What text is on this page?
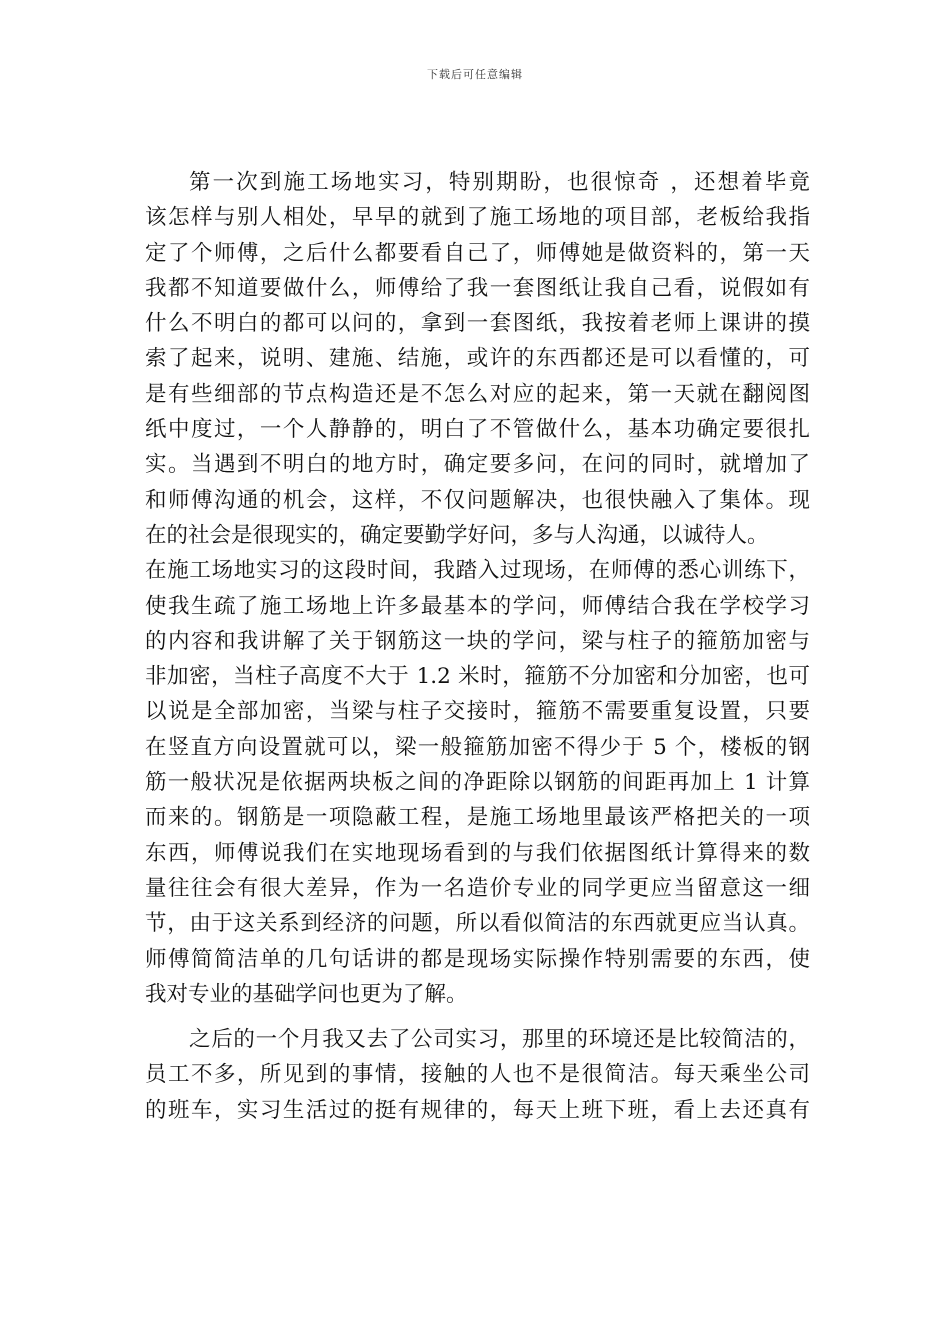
下载后可任意编辑
第一次到施工场地实习，特别期盼，也很惊奇 ，还想着毕竟
该怎样与别人相处，早早的就到了施工场地的项目部，老板给我指
定了个师傅，之后什么都要看自己了，师傅她是做资料的，第一天
我都不知道要做什么，师傅给了我一套图纸让我自己看，说假如有
什么不明白的都可以问的，拿到一套图纸，我按着老师上课讲的摸
索了起来，说明、建施、结施，或许的东西都还是可以看懂的，可
是有些细部的节点构造还是不怎么对应的起来，第一天就在翻阅图
纸中度过，一个人静静的，明白了不管做什么，基本功确定要很扎
实。当遇到不明白的地方时，确定要多问，在问的同时，就增加了
和师傅沟通的机会，这样，不仅问题解决，也很快融入了集体。现
在的社会是很现实的，确定要勤学好问，多与人沟通，以诚待人。
在施工场地实习的这段时间，我踏入过现场，在师傅的悉心训练下，
使我生疏了施工场地上许多最基本的学问，师傅结合我在学校学习
的内容和我讲解了关于钢筋这一块的学问，梁与柱子的箍筋加密与
非加密，当柱子高度不大于 1.2 米时，箍筋不分加密和分加密，也可
以说是全部加密，当梁与柱子交接时，箍筋不需要重复设置，只要
在竖直方向设置就可以，梁一般箍筋加密不得少于 5 个，楼板的钢
筋一般状况是依据两块板之间的净距除以钢筋的间距再加上 1 计算
而来的。钢筋是一项隐蔽工程，是施工场地里最该严格把关的一项
东西，师傅说我们在实地现场看到的与我们依据图纸计算得来的数
量往往会有很大差异，作为一名造价专业的同学更应当留意这一细
节，由于这关系到经济的问题，所以看似简洁的东西就更应当认真。
师傅简简洁单的几句话讲的都是现场实际操作特别需要的东西，使
我对专业的基础学问也更为了解。
之后的一个月我又去了公司实习，那里的环境还是比较简洁的，
员工不多，所见到的事情，接触的人也不是很简洁。每天乘坐公司
的班车，实习生活过的挺有规律的，每天上班下班，看上去还真有
